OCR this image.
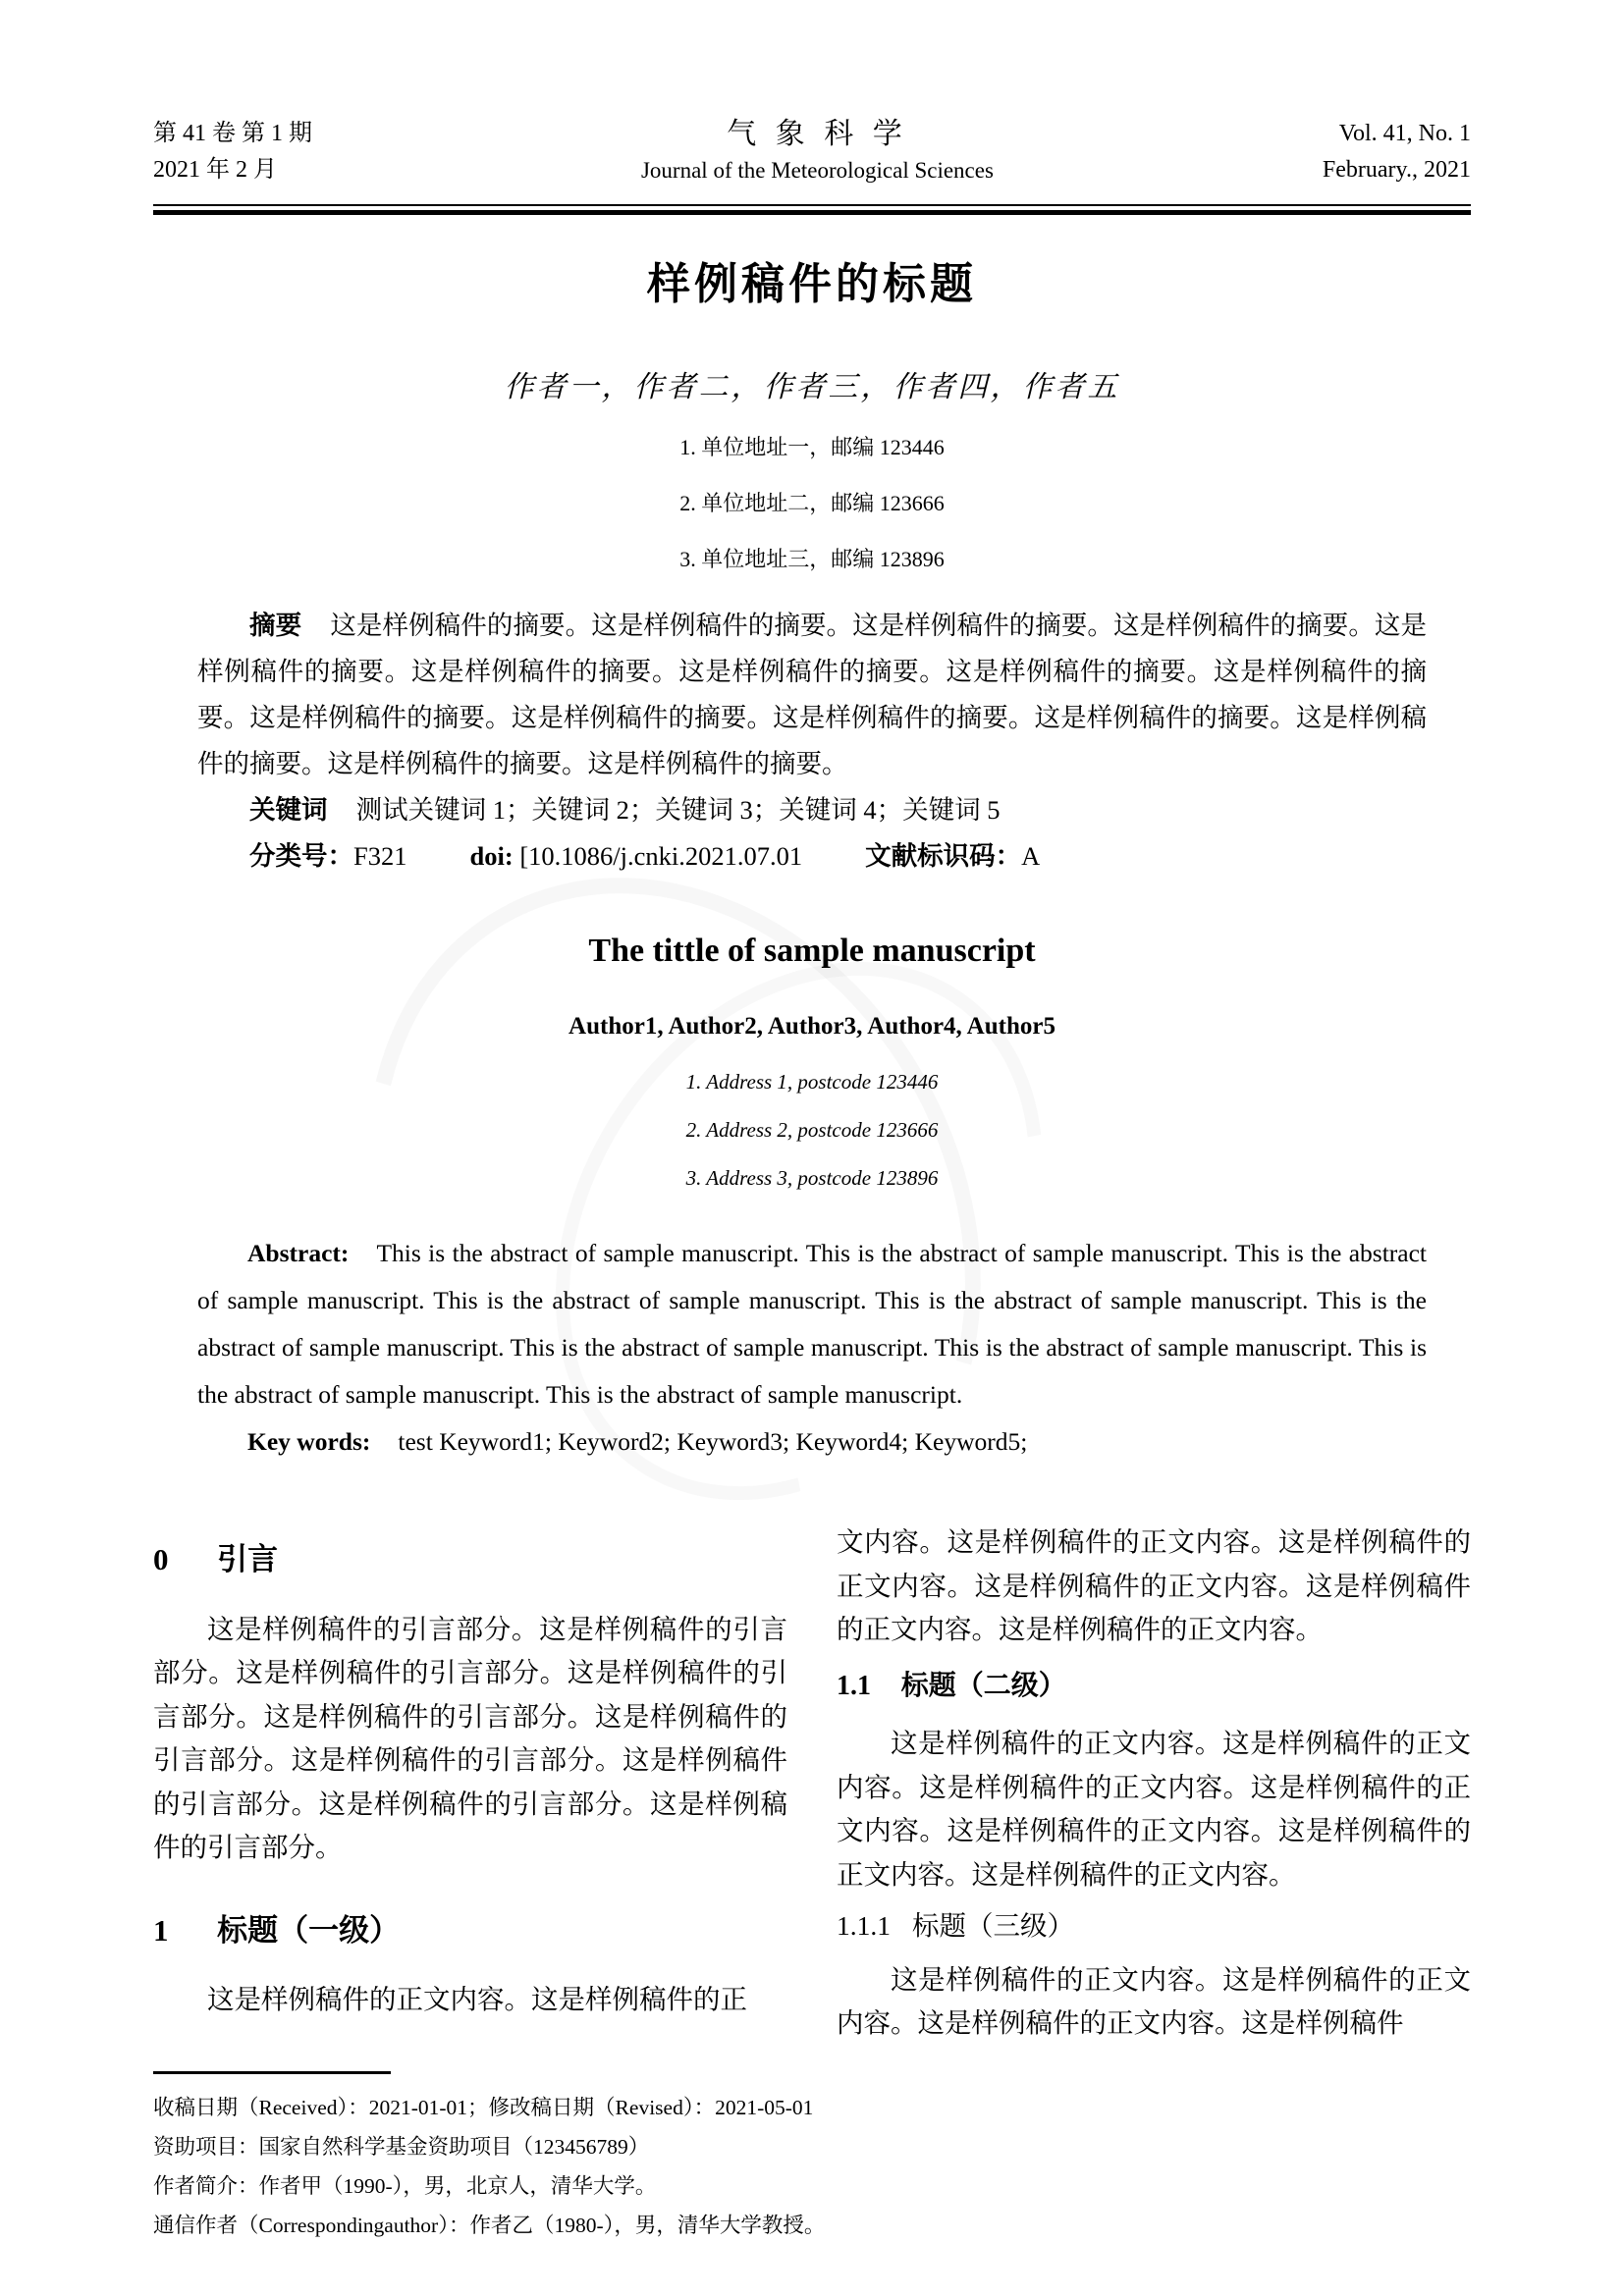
第 41 卷 第 1 期
2021 年 2 月
气 象 科 学
Journal of the Meteorological Sciences
Vol. 41, No. 1
February., 2021
样例稿件的标题
作者一，作者二，作者三，作者四，作者五

1. 单位地址一，邮编 123446

2. 单位地址二，邮编 123666

3. 单位地址三，邮编 123896

摘要 这是样例稿件的摘要。这是样例稿件的摘要。这是样例稿件的摘要。这是样例稿件的摘要。这是样例稿件的摘要。这是样例稿件的摘要。这是样例稿件的摘要。这是样例稿件的摘要。这是样例稿件的摘要。这是样例稿件的摘要。这是样例稿件的摘要。这是样例稿件的摘要。这是样例稿件的摘要。这是样例稿件的摘要。这是样例稿件的摘要。这是样例稿件的摘要。

关键词 测试关键词 1；关键词 2；关键词 3；关键词 4；关键词 5

分类号：F321 doi: [10.1086/j.cnki.2021.07.01 文献标识码：A

The tittle of sample manuscript
Author1, Author2, Author3, Author4, Author5

1. Address 1, postcode 123446

2. Address 2, postcode 123666

3. Address 3, postcode 123896

Abstract: This is the abstract of sample manuscript. This is the abstract of sample manuscript. This is the abstract of sample manuscript. This is the abstract of sample manuscript. This is the abstract of sample manuscript. This is the abstract of sample manuscript. This is the abstract of sample manuscript. This is the abstract of sample manuscript. This is the abstract of sample manuscript. This is the abstract of sample manuscript.

Key words: test Keyword1; Keyword2; Keyword3; Keyword4; Keyword5;

0 引言

这是样例稿件的引言部分。这是样例稿件的引言部分。这是样例稿件的引言部分。这是样例稿件的引言部分。这是样例稿件的引言部分。这是样例稿件的引言部分。这是样例稿件的引言部分。这是样例稿件的引言部分。这是样例稿件的引言部分。这是样例稿件的引言部分。

1 标题（一级）

这是样例稿件的正文内容。这是样例稿件的正

文内容。这是样例稿件的正文内容。这是样例稿件的正文内容。这是样例稿件的正文内容。这是样例稿件的正文内容。这是样例稿件的正文内容。

1.1 标题（二级）

这是样例稿件的正文内容。这是样例稿件的正文内容。这是样例稿件的正文内容。这是样例稿件的正文内容。这是样例稿件的正文内容。这是样例稿件的正文内容。这是样例稿件的正文内容。

1.1.1 标题（三级）

这是样例稿件的正文内容。这是样例稿件的正文内容。这是样例稿件的正文内容。这是样例稿件

收稿日期（Received）：2021-01-01；修改稿日期（Revised）：2021-05-01

资助项目：国家自然科学基金资助项目（123456789）

作者简介：作者甲（1990-），男，北京人，清华大学。

通信作者（Correspondingauthor）：作者乙（1980-），男，清华大学教授。
